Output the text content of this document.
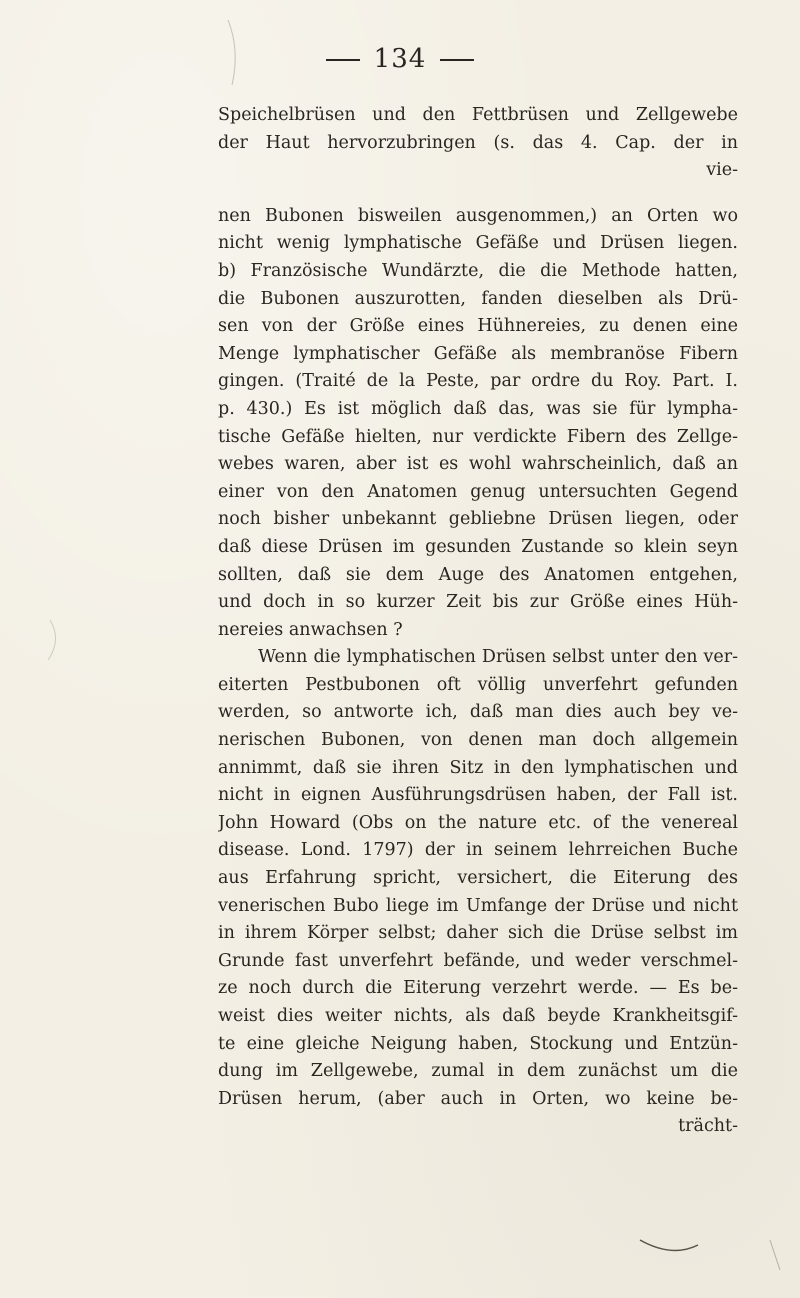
134
Speichelbrüsen und den Fettbrüsen und Zellgewebe
der Haut hervorzubringen (s. das 4. Cap. der in
vie-
nen Bubonen bisweilen ausgenommen,) an Orten wo
nicht wenig lymphatische Gefäße und Drüsen liegen.
b) Französische Wundärzte, die die Methode hatten,
die Bubonen auszurotten, fanden dieselben als Drü-
sen von der Größe eines Hühnereies, zu denen eine
Menge lymphatischer Gefäße als membranöse Fibern
gingen. (Traité de la Peste, par ordre du Roy. Part. I.
p. 430.) Es ist möglich daß das, was sie für lympha-
tische Gefäße hielten, nur verdickte Fibern des Zellge-
webes waren, aber ist es wohl wahrscheinlich, daß an
einer von den Anatomen genug untersuchten Gegend
noch bisher unbekannt gebliebne Drüsen liegen, oder
daß diese Drüsen im gesunden Zustande so klein seyn
sollten, daß sie dem Auge des Anatomen entgehen,
und doch in so kurzer Zeit bis zur Größe eines Hüh-
nereies anwachsen ?
Wenn die lymphatischen Drüsen selbst unter den ver-
eiterten Pestbubonen oft völlig unverfehrt gefunden
werden, so antworte ich, daß man dies auch bey ve-
nerischen Bubonen, von denen man doch allgemein
annimmt, daß sie ihren Sitz in den lymphatischen und
nicht in eignen Ausführungsdrüsen haben, der Fall ist.
John Howard (Obs on the nature etc. of the venereal
disease. Lond. 1797) der in seinem lehrreichen Buche
aus Erfahrung spricht, versichert, die Eiterung des
venerischen Bubo liege im Umfange der Drüse und nicht
in ihrem Körper selbst; daher sich die Drüse selbst im
Grunde fast unverfehrt befände, und weder verschmel-
ze noch durch die Eiterung verzehrt werde. — Es be-
weist dies weiter nichts, als daß beyde Krankheitsgif-
te eine gleiche Neigung haben, Stockung und Entzün-
dung im Zellgewebe, zumal in dem zunächst um die
Drüsen herum, (aber auch in Orten, wo keine be-
trächt-
